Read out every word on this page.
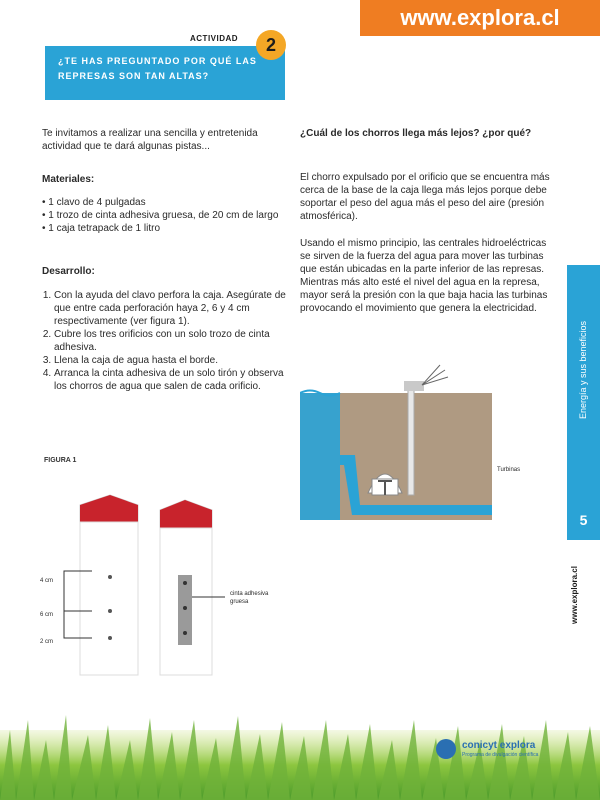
www.explora.cl
ACTIVIDAD	2
¿TE HAS PREGUNTADO POR QUÉ LAS REPRESAS SON TAN ALTAS?
Te invitamos a realizar una sencilla y entretenida actividad que te dará algunas pistas...
Materiales:
• 1 clavo de 4 pulgadas
• 1 trozo de cinta adhesiva gruesa, de 20 cm de largo
• 1 caja tetrapack de 1 litro
Desarrollo:
1. Con la ayuda del clavo perfora la caja. Asegúrate de que entre cada perforación haya 2, 6 y 4 cm respectivamente (ver figura 1).
2. Cubre los tres orificios con un solo trozo de cinta adhesiva.
3. Llena la caja de agua hasta el borde.
4. Arranca la cinta adhesiva de un solo tirón y observa los chorros de agua que salen de cada orificio.
FIGURA 1
4 cm
6 cm
2 cm
cinta adhesiva gruesa
¿Cuál de los chorros llega más lejos? ¿por qué?
El chorro expulsado por el orificio que se encuentra más cerca de la base de la caja llega más lejos porque debe soportar el peso del agua más el peso del aire (presión atmosférica).
Usando el mismo principio, las centrales hidroeléctricas se sirven de la fuerza del agua para mover las turbinas que están ubicadas en la parte inferior de las represas. Mientras más alto esté el nivel del agua en la represa, mayor será la presión con la que baja hacia las turbinas provocando el movimiento que genera la electricidad.
Turbinas
Energía y sus beneficios
5
www.explora.cl
conicyt explora
Programa de divulgación científica
